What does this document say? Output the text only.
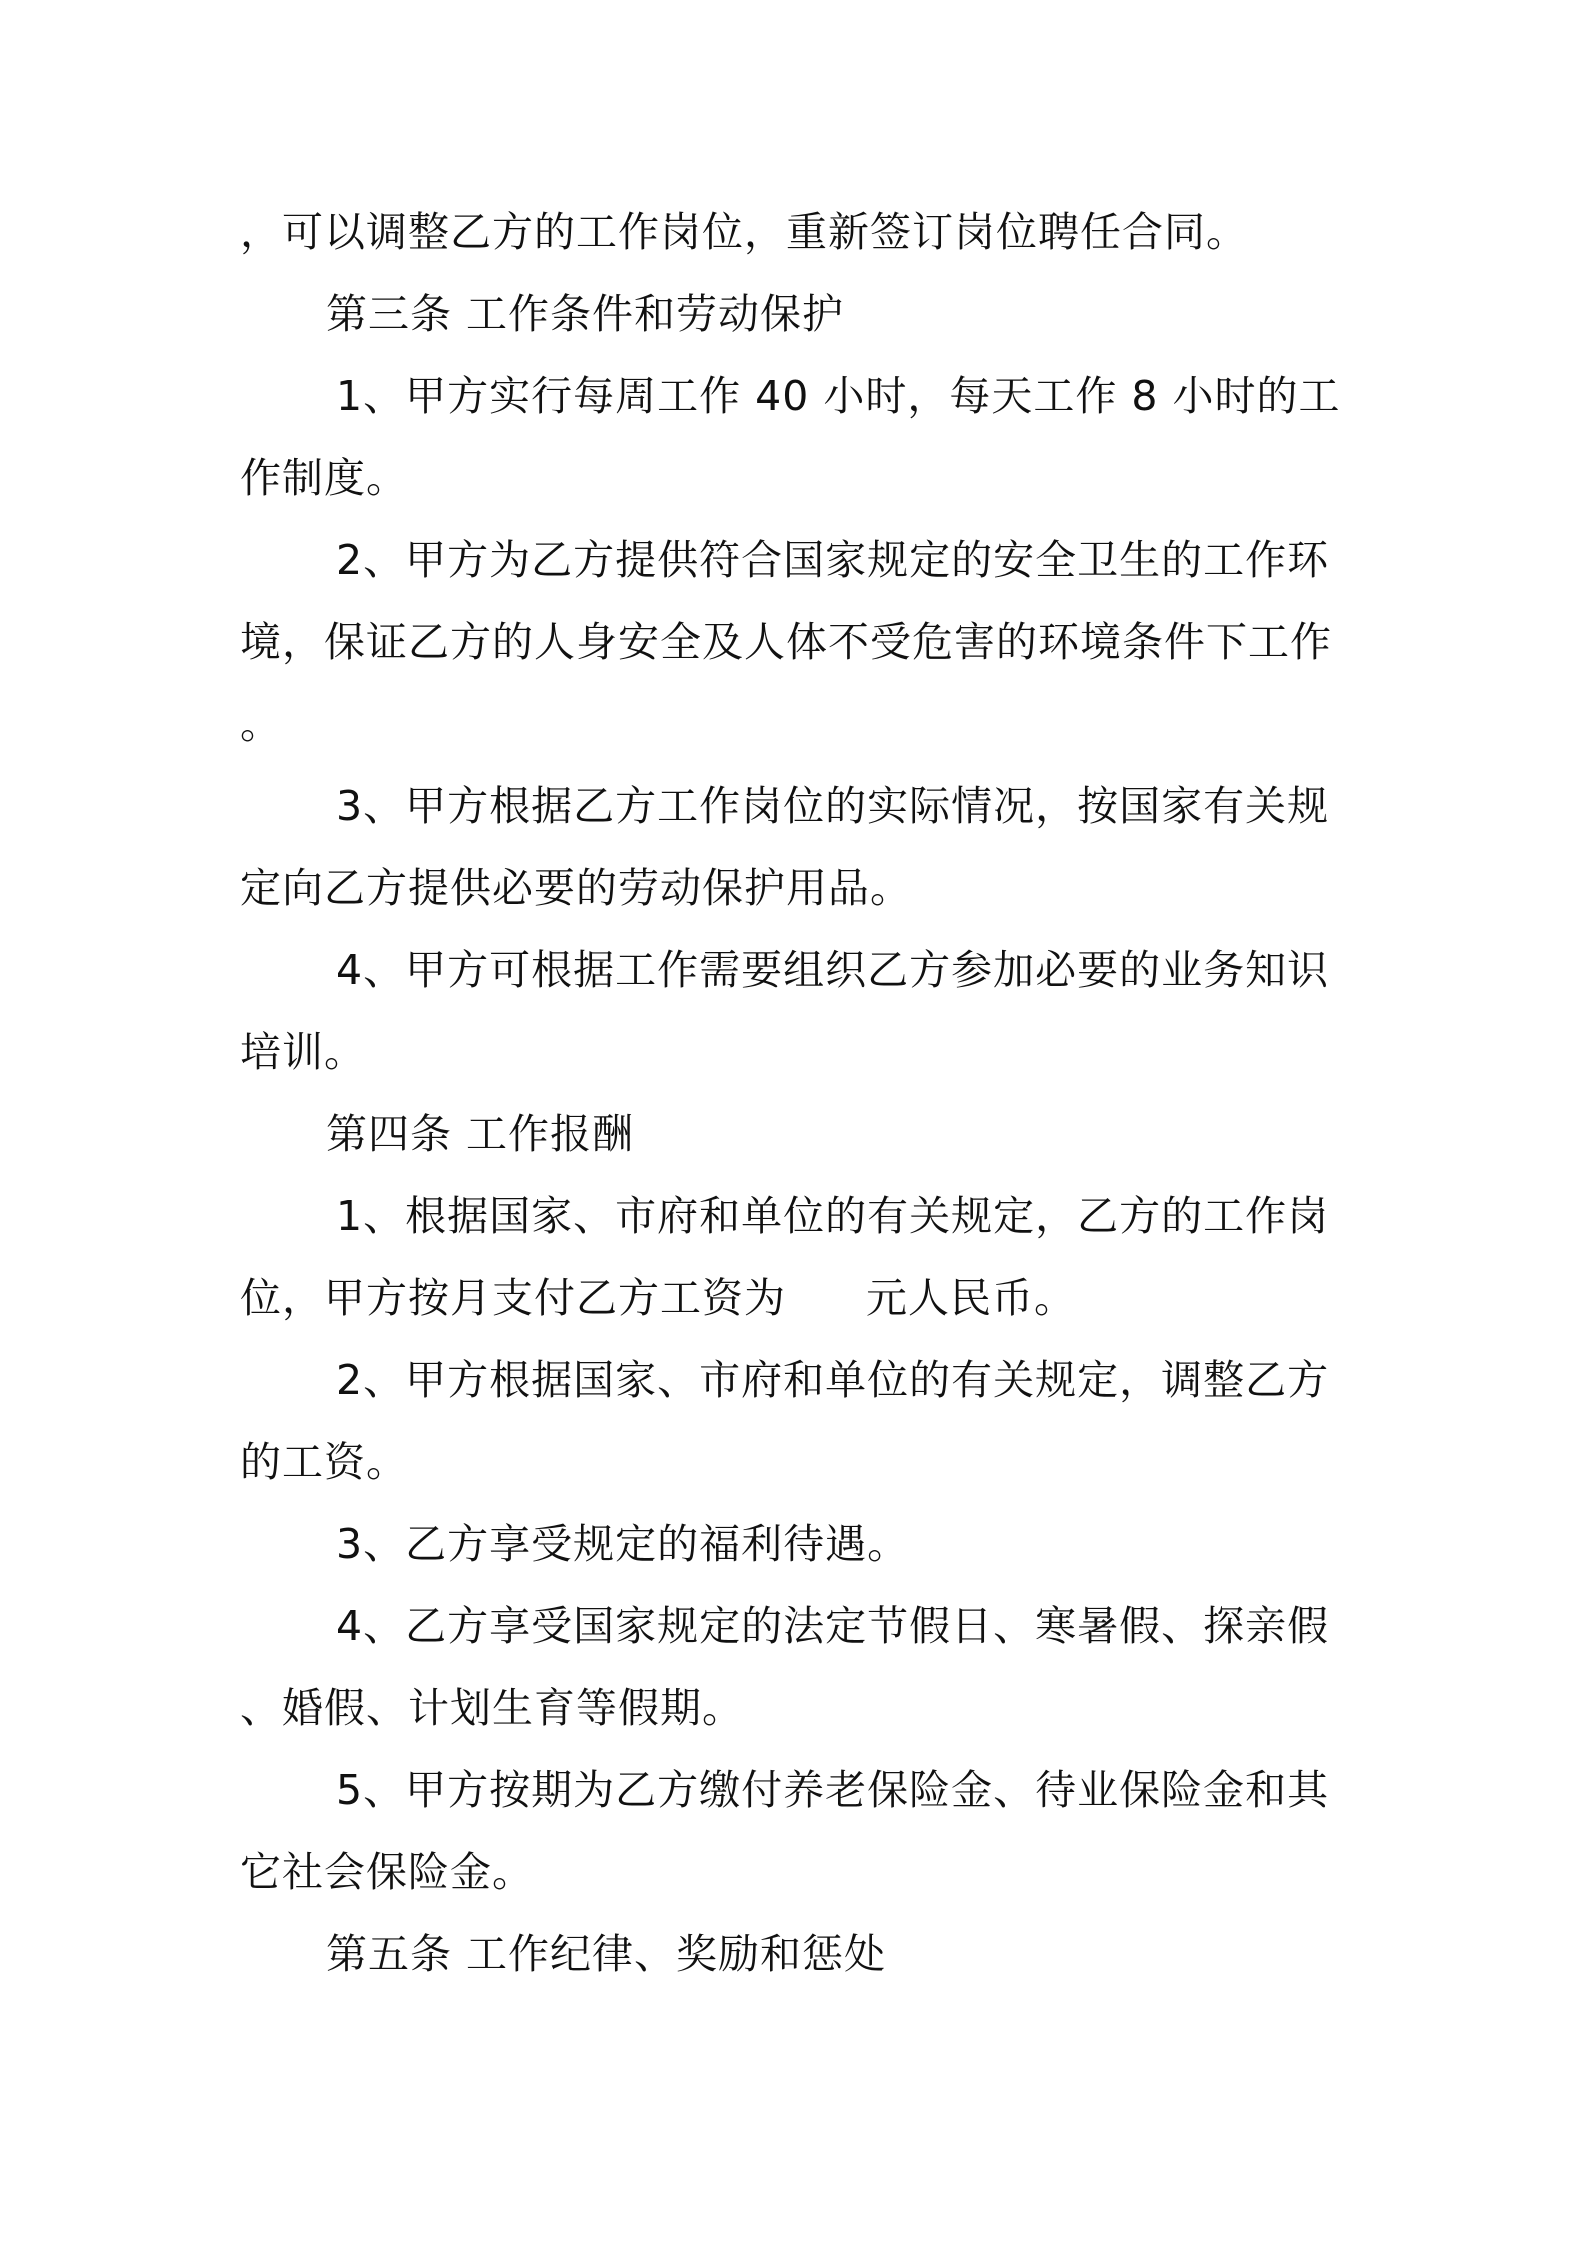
，可以调整乙方的工作岗位，重新签订岗位聘任合同。
第三条 工作条件和劳动保护
1、甲方实行每周工作 40 小时，每天工作 8 小时的工
作制度。
2、甲方为乙方提供符合国家规定的安全卫生的工作环
境，保证乙方的人身安全及人体不受危害的环境条件下工作
。
3、甲方根据乙方工作岗位的实际情况，按国家有关规
定向乙方提供必要的劳动保护用品。
4、甲方可根据工作需要组织乙方参加必要的业务知识
培训。
第四条 工作报酬
1、根据国家、市府和单位的有关规定，乙方的工作岗
位，甲方按月支付乙方工资为 元人民币。
2、甲方根据国家、市府和单位的有关规定，调整乙方
的工资。
3、乙方享受规定的福利待遇。
4、乙方享受国家规定的法定节假日、寒暑假、探亲假
、婚假、计划生育等假期。
5、甲方按期为乙方缴付养老保险金、待业保险金和其
它社会保险金。
第五条 工作纪律、奖励和惩处
